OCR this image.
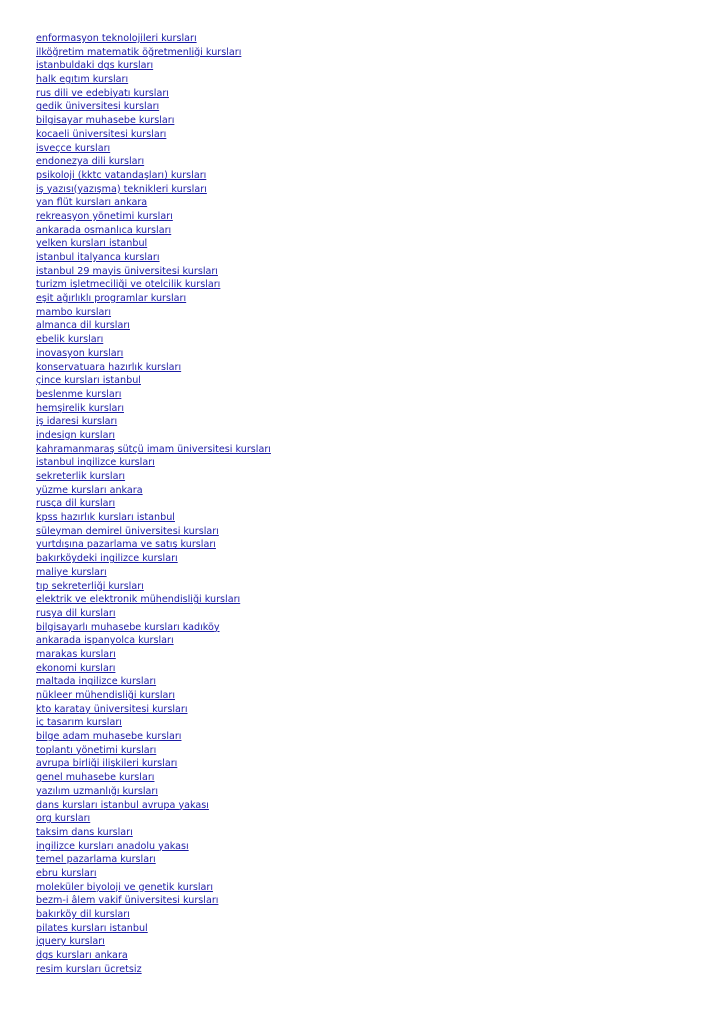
enformasyon teknolojileri kursları
ilköğretim matematik öğretmenliği kursları
istanbuldaki dgs kursları
halk egıtım kursları
rus dili ve edebiyatı kursları
gedik üniversitesi kursları
bilgisayar muhasebe kursları
kocaeli üniversitesi kursları
isveçce kursları
endonezya dili kursları
psikoloji (kktc vatandaşları) kursları
iş yazısı(yazışma) teknikleri kursları
yan flüt kursları ankara
rekreasyon yönetimi kursları
ankarada osmanlıca kursları
yelken kursları istanbul
istanbul italyanca kursları
istanbul 29 mayis üniversitesi kursları
turizm işletmeciliği ve otelcilik kursları
eşit ağırlıklı programlar kursları
mambo kursları
almanca dil kursları
ebelik kursları
inovasyon kursları
konservatuara hazırlık kursları
çince kursları istanbul
beslenme kursları
hemşirelik kursları
iş idaresi kursları
indesign kursları
kahramanmaraş sütçü imam üniversitesi kursları
istanbul ingilizce kursları
sekreterlik kursları
yüzme kursları ankara
rusça dil kursları
kpss hazırlık kursları istanbul
süleyman demirel üniversitesi kursları
yurtdışına pazarlama ve satış kursları
bakırköydeki ingilizce kursları
maliye kursları
tıp sekreterliği kursları
elektrik ve elektronik mühendisliği kursları
rusya dil kursları
bilgisayarlı muhasebe kursları kadıköy
ankarada ispanyolca kursları
marakas kursları
ekonomi kursları
maltada ingilizce kursları
nükleer mühendisliği kursları
kto karatay üniversitesi kursları
iç tasarım kursları
bilge adam muhasebe kursları
toplantı yönetimi kursları
avrupa birliği ilişkileri kursları
genel muhasebe kursları
yazılım uzmanlığı kursları
dans kursları istanbul avrupa yakası
org kursları
taksim dans kursları
ingilizce kursları anadolu yakası
temel pazarlama kursları
ebru kursları
moleküler biyoloji ve genetik kursları
bezm-i âlem vakif üniversitesi kursları
bakırköy dil kursları
pilates kursları istanbul
jquery kursları
dgs kursları ankara
resim kursları ücretsiz
